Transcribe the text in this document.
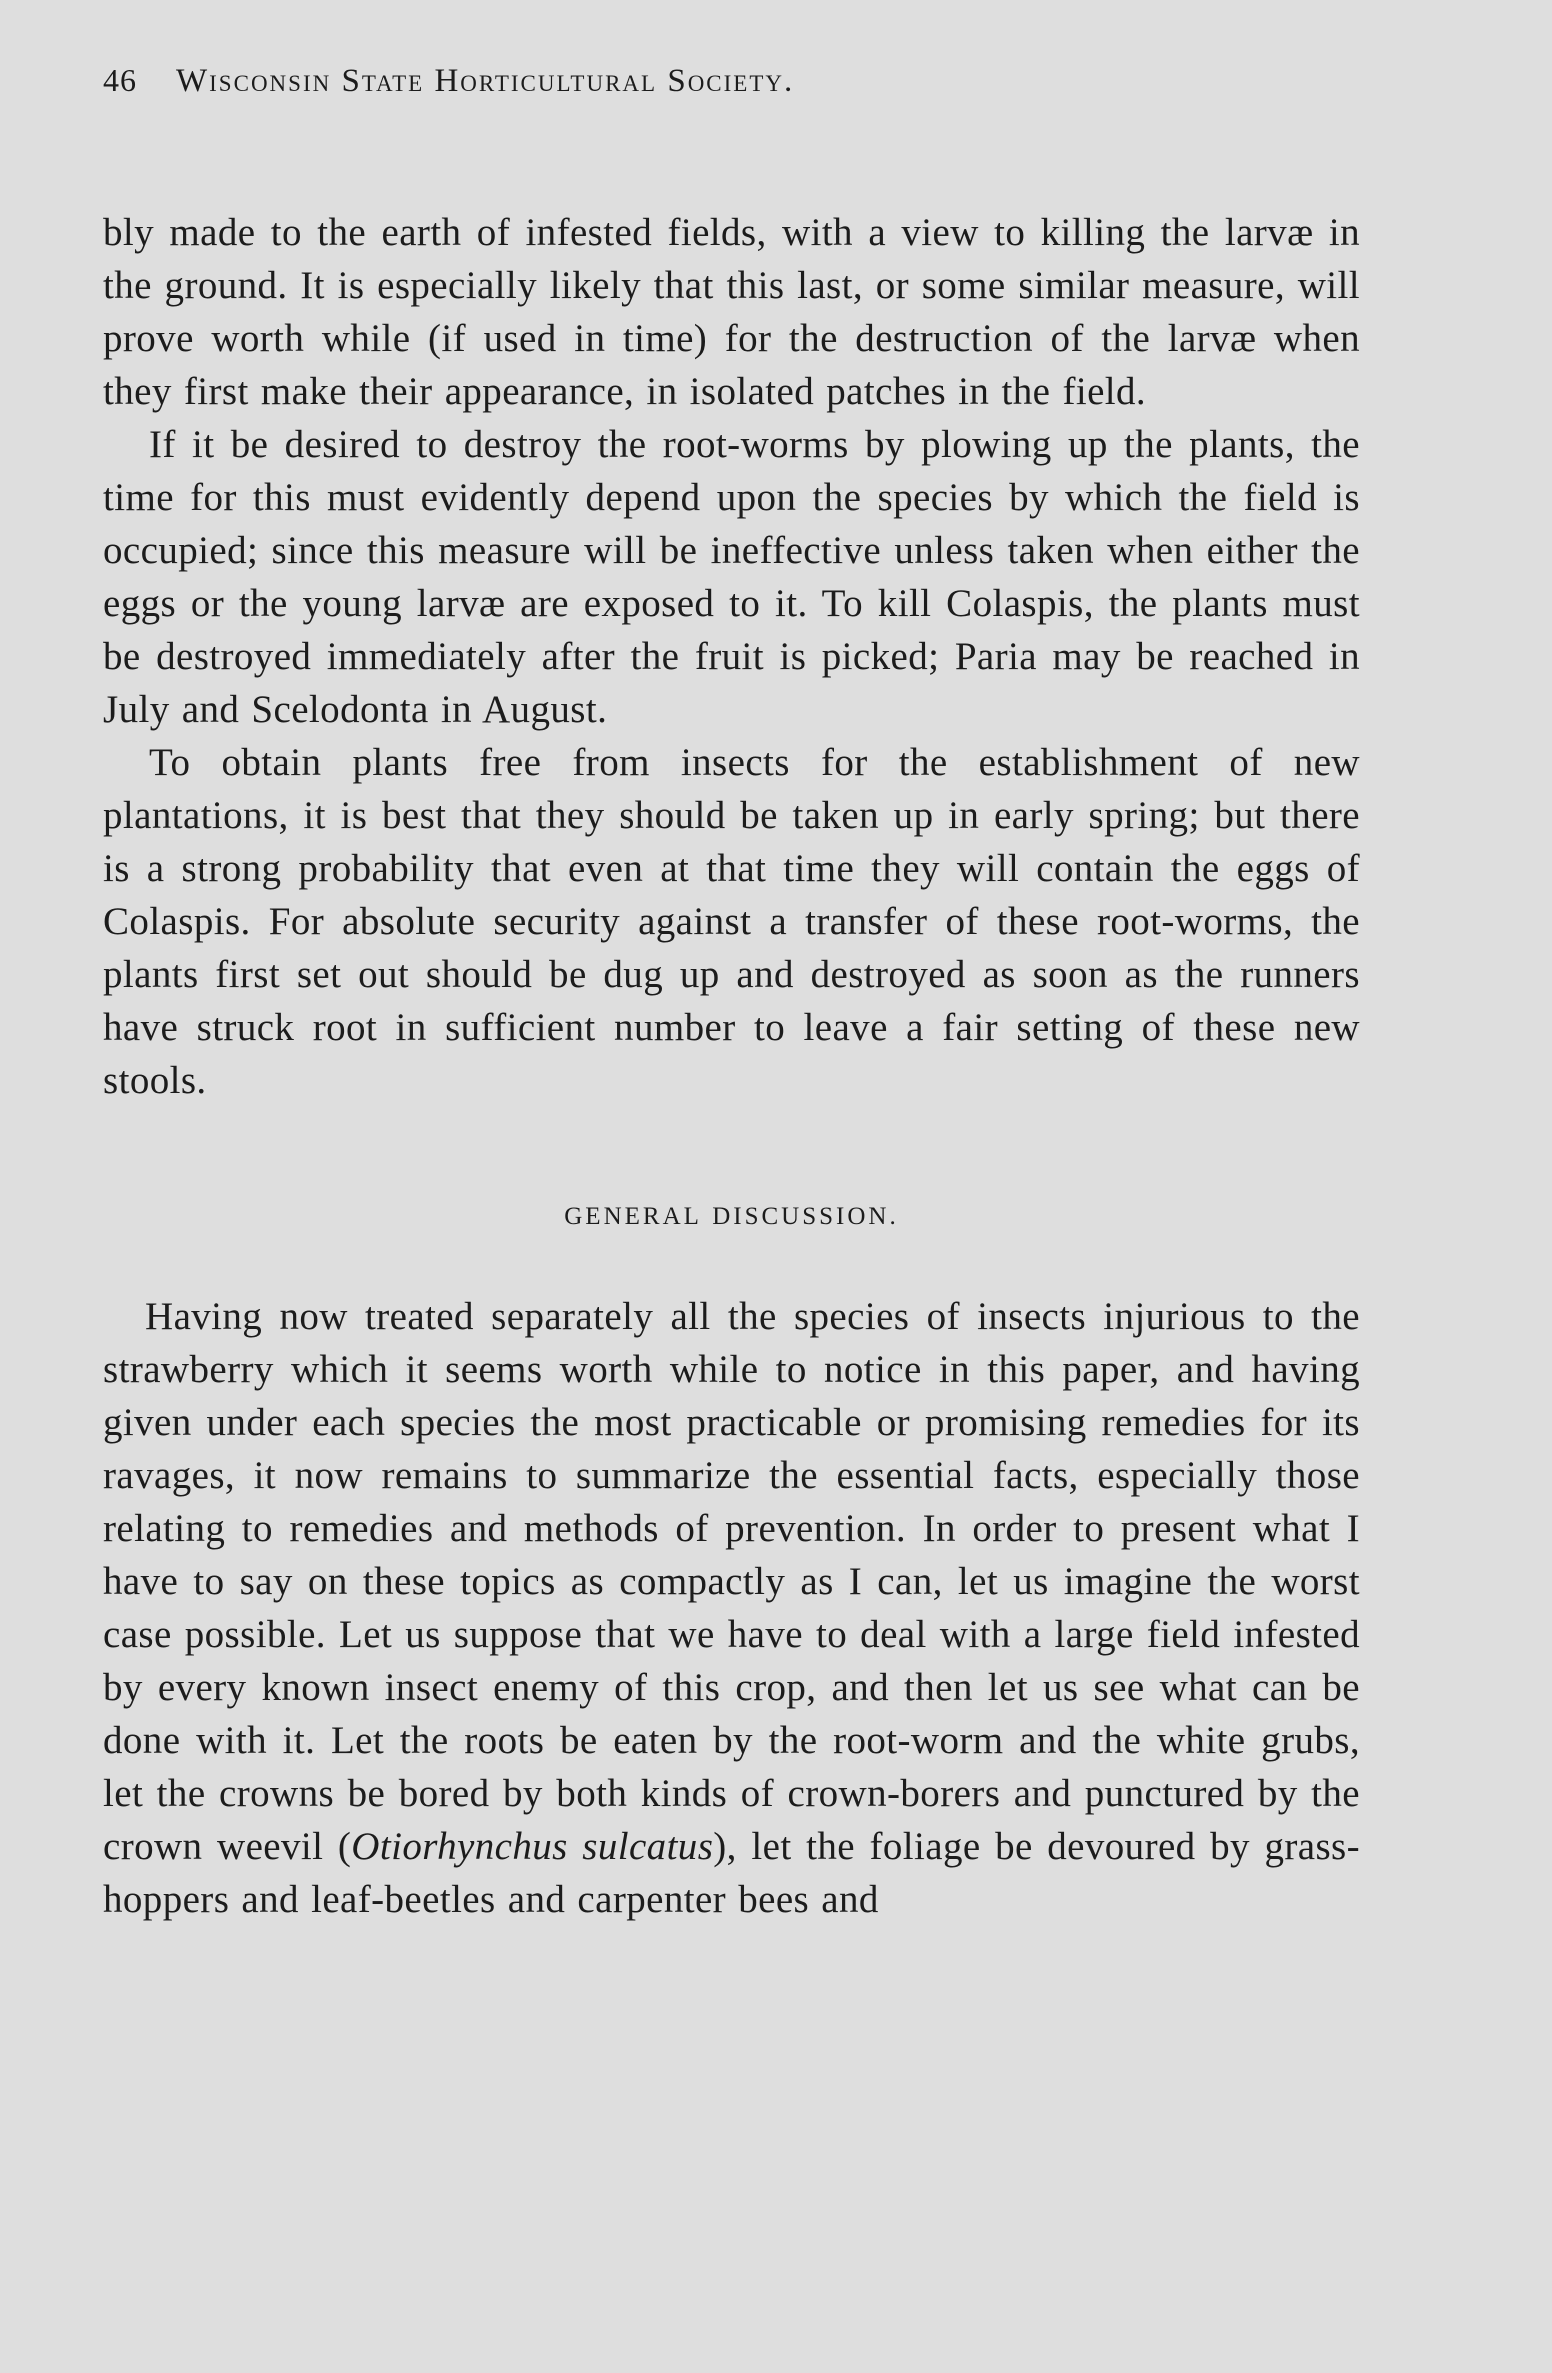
46	Wisconsin State Horticultural Society.

bly made to the earth of infested fields, with a view to killing the larvæ in the ground. It is especially likely that this last, or some similar measure, will prove worth while (if used in time) for the destruction of the larvæ when they first make their appearance, in isolated patches in the field.

If it be desired to destroy the root-worms by plowing up the plants, the time for this must evidently depend upon the species by which the field is occupied; since this measure will be ineffective unless taken when either the eggs or the young larvæ are exposed to it. To kill Colaspis, the plants must be destroyed immediately after the fruit is picked; Paria may be reached in July and Scelodonta in August.

To obtain plants free from insects for the establishment of new plantations, it is best that they should be taken up in early spring; but there is a strong probability that even at that time they will contain the eggs of Colaspis. For absolute security against a transfer of these root-worms, the plants first set out should be dug up and destroyed as soon as the runners have struck root in sufficient number to leave a fair setting of these new stools.

GENERAL DISCUSSION.

Having now treated separately all the species of insects injurious to the strawberry which it seems worth while to notice in this paper, and having given under each species the most practicable or promising remedies for its ravages, it now remains to summarize the essential facts, especially those relating to remedies and methods of prevention. In order to present what I have to say on these topics as compactly as I can, let us imagine the worst case possible. Let us suppose that we have to deal with a large field infested by every known insect enemy of this crop, and then let us see what can be done with it. Let the roots be eaten by the root-worm and the white grubs, let the crowns be bored by both kinds of crown-borers and punctured by the crown weevil (Otiorhynchus sulcatus), let the foliage be devoured by grass-hoppers and leaf-beetles and carpenter bees and
